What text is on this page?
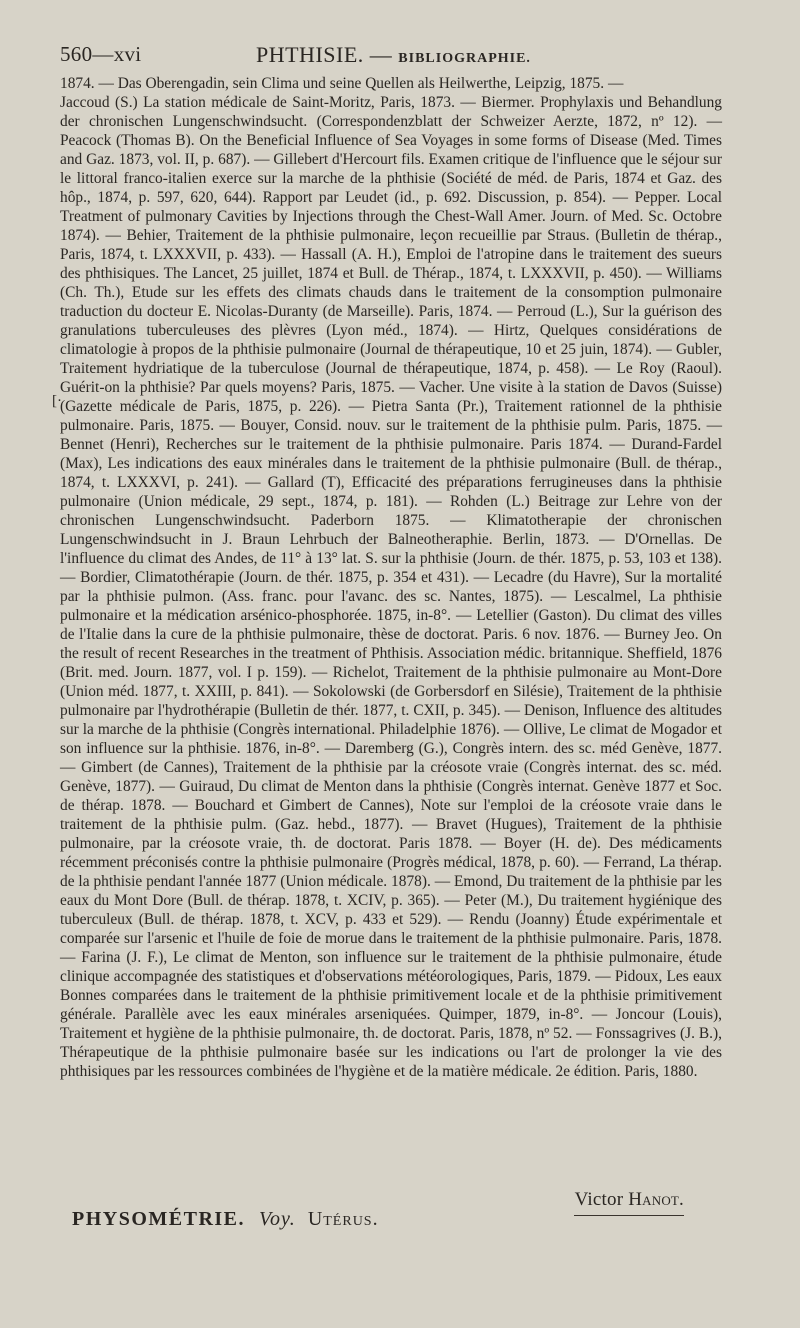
560—xvi	PHTHISIE. — BIBLIOGRAPHIE.

1874. — Das Oberengadin, sein Clima und seine Quellen als Heilwerthe, Leipzig, 1875. —

Jaccoud (S.) La station médicale de Saint-Moritz, Paris, 1873. — Biermer. Prophylaxis und Behandlung der chronischen Lungenschwindsucht. (Correspondenzblatt der Schweizer Aerzte, 1872, nº 12). — Peacock (Thomas B). On the Beneficial Influence of Sea Voyages in some forms of Disease (Med. Times and Gaz. 1873, vol. II, p. 687). — Gillebert d'Hercourt fils. Examen critique de l'influence que le séjour sur le littoral franco-italien exerce sur la marche de la phthisie (Société de méd. de Paris, 1874 et Gaz. des hôp., 1874, p. 597, 620, 644). Rapport par Leudet (id., p. 692. Discussion, p. 854). — Pepper. Local Treatment of pulmonary Cavities by Injections through the Chest-Wall Amer. Journ. of Med. Sc. Octobre 1874). — Behier, Traitement de la phthisie pulmonaire, leçon recueillie par Straus. (Bulletin de thérap., Paris, 1874, t. LXXXVII, p. 433). — Hassall (A. H.), Emploi de l'atropine dans le traitement des sueurs des phthisiques. The Lancet, 25 juillet, 1874 et Bull. de Thérap., 1874, t. LXXXVII, p. 450). — Williams (Ch. Th.), Etude sur les effets des climats chauds dans le traitement de la consomption pulmonaire traduction du docteur E. Nicolas-Duranty (de Marseille). Paris, 1874. — Perroud (L.), Sur la guérison des granulations tuberculeuses des plèvres (Lyon méd., 1874). — Hirtz, Quelques considérations de climatologie à propos de la phthisie pulmonaire (Journal de thérapeutique, 10 et 25 juin, 1874). — Gubler, Traitement hydriatique de la tuberculose (Journal de thérapeutique, 1874, p. 458). — Le Roy (Raoul). Guérit-on la phthisie? Par quels moyens? Paris, 1875. — Vacher. Une visite à la station de Davos (Suisse) (Gazette médicale de Paris, 1875, p. 226). — Pietra Santa (Pr.), Traitement rationnel de la phthisie pulmonaire. Paris, 1875. — Bouyer, Consid. nouv. sur le traitement de la phthisie pulm. Paris, 1875. — Bennet (Henri), Recherches sur le traitement de la phthisie pulmonaire. Paris 1874. — Durand-Fardel (Max), Les indications des eaux minérales dans le traitement de la phthisie pulmonaire (Bull. de thérap., 1874, t. LXXXVI, p. 241). — Gallard (T), Efficacité des préparations ferrugineuses dans la phthisie pulmonaire (Union médicale, 29 sept., 1874, p. 181). — Rohden (L.) Beitrage zur Lehre von der chronischen Lungenschwindsucht. Paderborn 1875. — Klimatotherapie der chronischen Lungenschwindsucht in J. Braun Lehrbuch der Balneotheraphie. Berlin, 1873. — D'Ornellas. De l'influence du climat des Andes, de 11° à 13° lat. S. sur la phthisie (Journ. de thér. 1875, p. 53, 103 et 138). — Bordier, Climatothérapie (Journ. de thér. 1875, p. 354 et 431). — Lecadre (du Havre), Sur la mortalité par la phthisie pulmon. (Ass. franc. pour l'avanc. des sc. Nantes, 1875). — Lescalmel, La phthisie pulmonaire et la médication arsénico-phosphorée. 1875, in-8°. — Letellier (Gaston). Du climat des villes de l'Italie dans la cure de la phthisie pulmonaire, thèse de doctorat. Paris. 6 nov. 1876. — Burney Jeo. On the result of recent Researches in the treatment of Phthisis. Association médic. britannique. Sheffield, 1876 (Brit. med. Journ. 1877, vol. I p. 159). — Richelot, Traitement de la phthisie pulmonaire au Mont-Dore (Union méd. 1877, t. XXIII, p. 841). — Sokolowski (de Gorbersdorf en Silésie), Traitement de la phthisie pulmonaire par l'hydrothérapie (Bulletin de thér. 1877, t. CXII, p. 345). — Denison, Influence des altitudes sur la marche de la phthisie (Congrès international. Philadelphie 1876). — Ollive, Le climat de Mogador et son influence sur la phthisie. 1876, in-8°. — Daremberg (G.), Congrès intern. des sc. méd Genève, 1877. — Gimbert (de Cannes), Traitement de la phthisie par la créosote vraie (Congrès internat. des sc. méd. Genève, 1877). — Guiraud, Du climat de Menton dans la phthisie (Congrès internat. Genève 1877 et Soc. de thérap. 1878. — Bouchard et Gimbert de Cannes), Note sur l'emploi de la créosote vraie dans le traitement de la phthisie pulm. (Gaz. hebd., 1877). — Bravet (Hugues), Traitement de la phthisie pulmonaire, par la créosote vraie, th. de doctorat. Paris 1878. — Boyer (H. de). Des médicaments récemment préconisés contre la phthisie pulmonaire (Progrès médical, 1878, p. 60). — Ferrand, La thérap. de la phthisie pendant l'année 1877 (Union médicale. 1878). — Emond, Du traitement de la phthisie par les eaux du Mont Dore (Bull. de thérap. 1878, t. XCIV, p. 365). — Peter (M.), Du traitement hygiénique des tuberculeux (Bull. de thérap. 1878, t. XCV, p. 433 et 529). — Rendu (Joanny) Étude expérimentale et comparée sur l'arsenic et l'huile de foie de morue dans le traitement de la phthisie pulmonaire. Paris, 1878. — Farina (J. F.), Le climat de Menton, son influence sur le traitement de la phthisie pulmonaire, étude clinique accompagnée des statistiques et d'observations météorologiques, Paris, 1879. — Pidoux, Les eaux Bonnes comparées dans le traitement de la phthisie primitivement locale et de la phthisie primitivement générale. Parallèle avec les eaux minérales arseniquées. Quimper, 1879, in-8°. — Joncour (Louis), Traitement et hygiène de la phthisie pulmonaire, th. de doctorat. Paris, 1878, nº 52. — Fonssagrives (J. B.), Thérapeutique de la phthisie pulmonaire basée sur les indications ou l'art de prolonger la vie des phthisiques par les ressources combinées de l'hygiène et de la matière médicale. 2e édition. Paris, 1880.

[·
Victor Hanot.
PHYSOMÉTRIE. Voy. Utérus.
